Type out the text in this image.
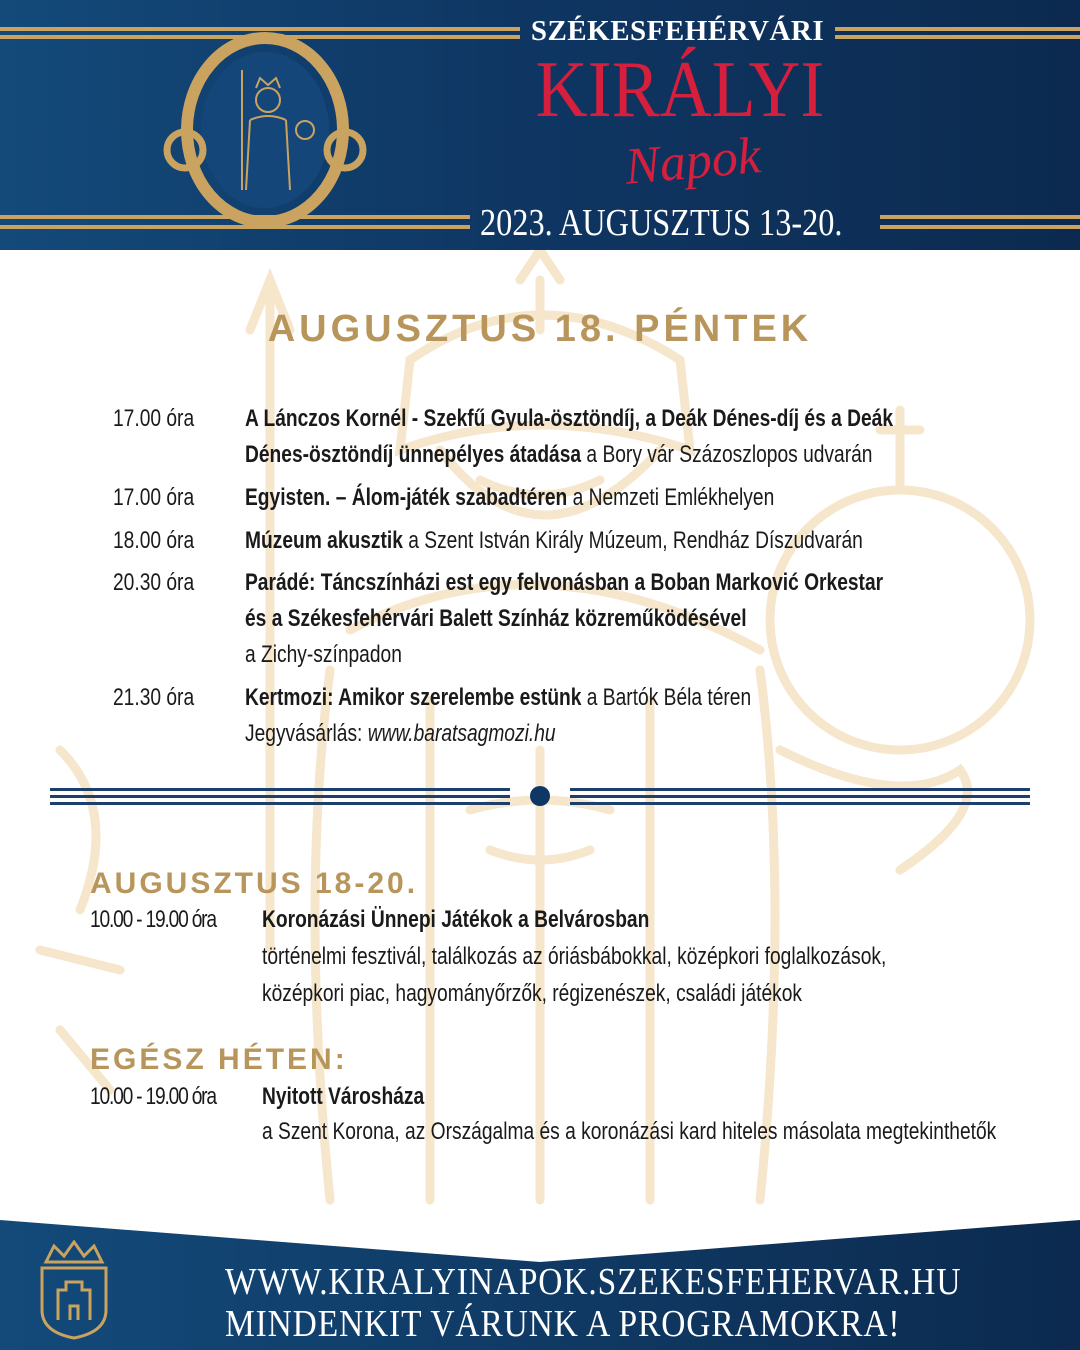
SZÉKESFEHÉRVÁRI
KIRÁLYI
Napok
2023. AUGUSZTUS 13-20.
AUGUSZTUS 18. PÉNTEK
17.00 óra A Lánczos Kornél - Szekfű Gyula-ösztöndíj, a Deák Dénes-díj és a Deák
Dénes-ösztöndíj ünnepélyes átadása a Bory vár Százoszlopos udvarán
17.00 óra Egyisten. – Álom-játék szabadtéren a Nemzeti Emlékhelyen
18.00 óra Múzeum akusztik a Szent István Király Múzeum, Rendház Díszudvarán
20.30 óra Parádé: Táncszínházi est egy felvonásban a Boban Marković Orkestar
és a Székesfehérvári Balett Színház közreműködésével
a Zichy-színpadon
21.30 óra Kertmozi: Amikor szerelembe estünk a Bartók Béla téren
Jegyvásárlás: www.baratsagmozi.hu
AUGUSZTUS 18-20.
10.00 - 19.00 óra Koronázási Ünnepi Játékok a Belvárosban
történelmi fesztivál, találkozás az óriásbábokkal, középkori foglalkozások,
középkori piac, hagyományőrzők, régizenészek, családi játékok
EGÉSZ HÉTEN:
10.00 - 19.00 óra Nyitott Városháza
a Szent Korona, az Országalma és a koronázási kard hiteles másolata megtekinthetők
WWW.KIRALYINAPOK.SZEKESFEHERVAR.HU
MINDENKIT VÁRUNK A PROGRAMOKRA!
